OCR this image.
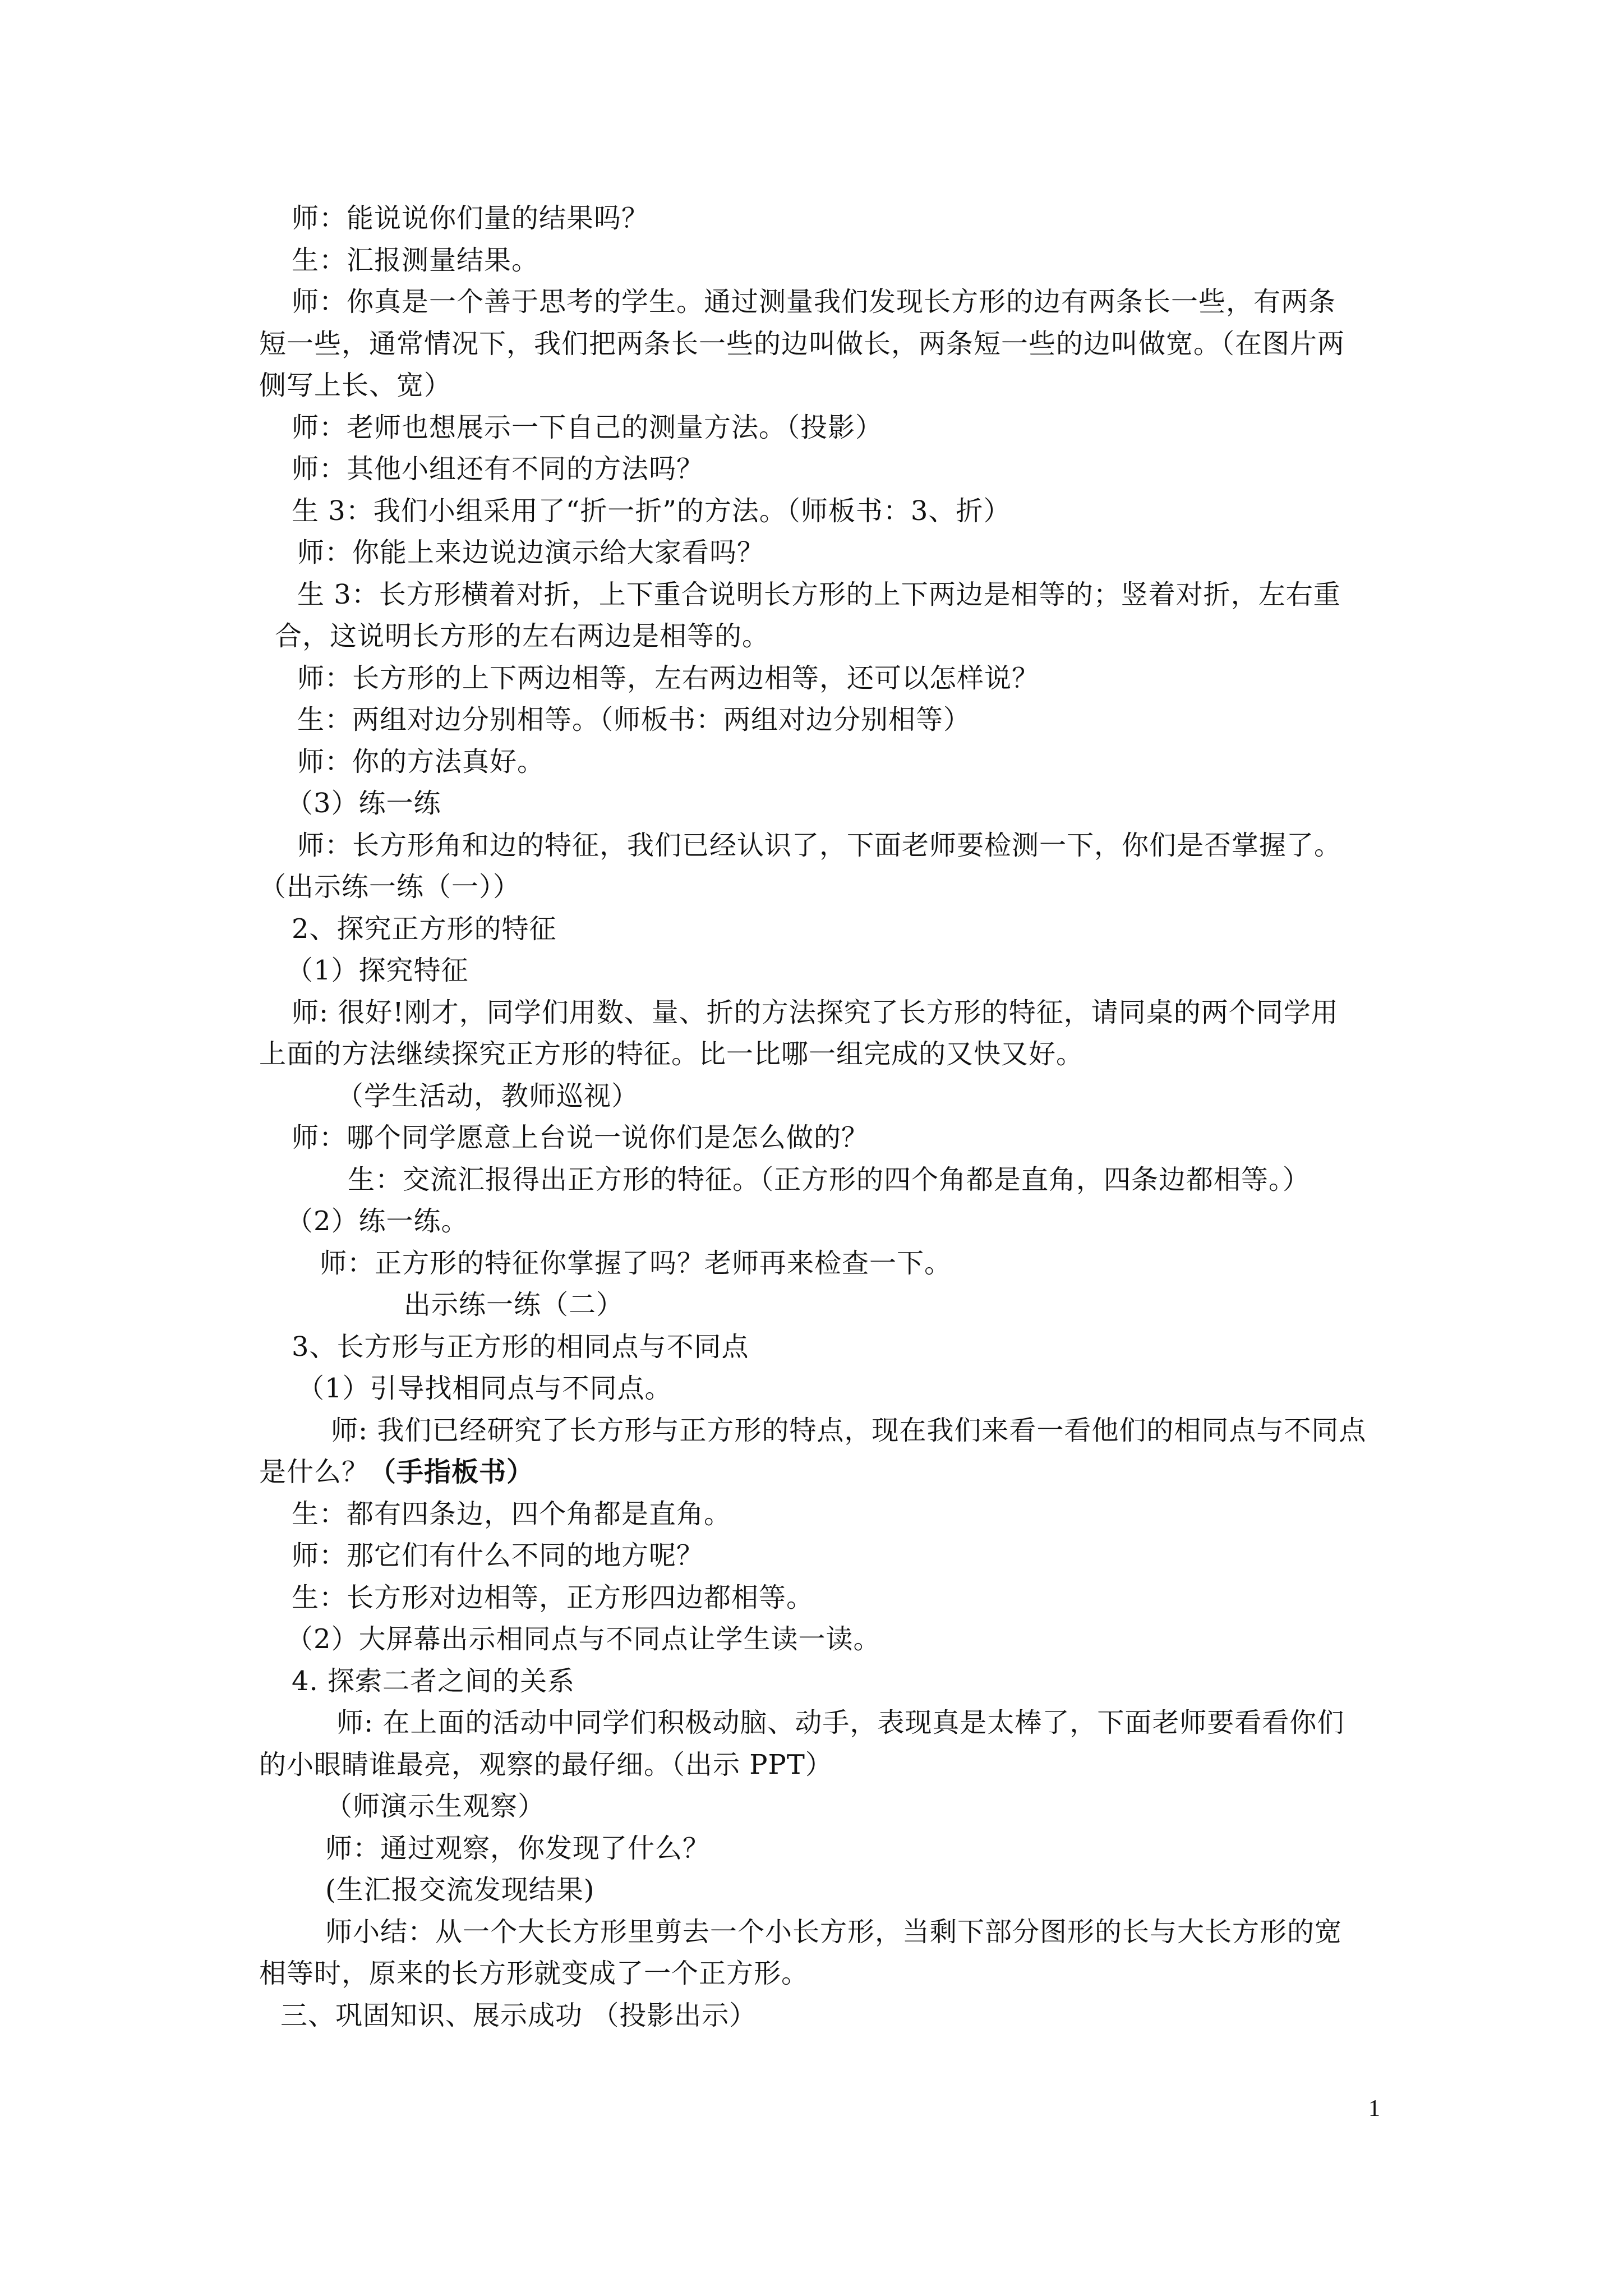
师：能说说你们量的结果吗？
生：汇报测量结果。
师：你真是一个善于思考的学生。通过测量我们发现长方形的边有两条长一些，有两条
短一些，通常情况下，我们把两条长一些的边叫做长，两条短一些的边叫做宽。（在图片两
侧写上长、宽）
师：老师也想展示一下自己的测量方法。（投影）
师：其他小组还有不同的方法吗？
生 3：我们小组采用了“折一折”的方法。（师板书：3、折）
师：你能上来边说边演示给大家看吗？
生 3：长方形横着对折，上下重合说明长方形的上下两边是相等的；竖着对折，左右重
合，这说明长方形的左右两边是相等的。
师：长方形的上下两边相等，左右两边相等，还可以怎样说？
生：两组对边分别相等。（师板书：两组对边分别相等）
师：你的方法真好。
（3）练一练
师：长方形角和边的特征，我们已经认识了，下面老师要检测一下，你们是否掌握了。
（出示练一练（一））
2、探究正方形的特征
（1）探究特征
师: 很好!刚才，同学们用数、量、折的方法探究了长方形的特征，请同桌的两个同学用
上面的方法继续探究正方形的特征。比一比哪一组完成的又快又好。
（学生活动，教师巡视）
师：哪个同学愿意上台说一说你们是怎么做的？
生：交流汇报得出正方形的特征。（正方形的四个角都是直角，四条边都相等。）
（2）练一练。
师：正方形的特征你掌握了吗？老师再来检查一下。
出示练一练（二）
3、长方形与正方形的相同点与不同点
（1）引导找相同点与不同点。
师: 我们已经研究了长方形与正方形的特点，现在我们来看一看他们的相同点与不同点
是什么？（手指板书）
生：都有四条边，四个角都是直角。
师：那它们有什么不同的地方呢？
生：长方形对边相等，正方形四边都相等。
（2）大屏幕出示相同点与不同点让学生读一读。
4. 探索二者之间的关系
师: 在上面的活动中同学们积极动脑、动手，表现真是太棒了，下面老师要看看你们
的小眼睛谁最亮，观察的最仔细。（出示 PPT）
（师演示生观察）
师：通过观察，你发现了什么？
(生汇报交流发现结果)
师小结：从一个大长方形里剪去一个小长方形，当剩下部分图形的长与大长方形的宽
相等时，原来的长方形就变成了一个正方形。
三、巩固知识、展示成功 （投影出示）
1
